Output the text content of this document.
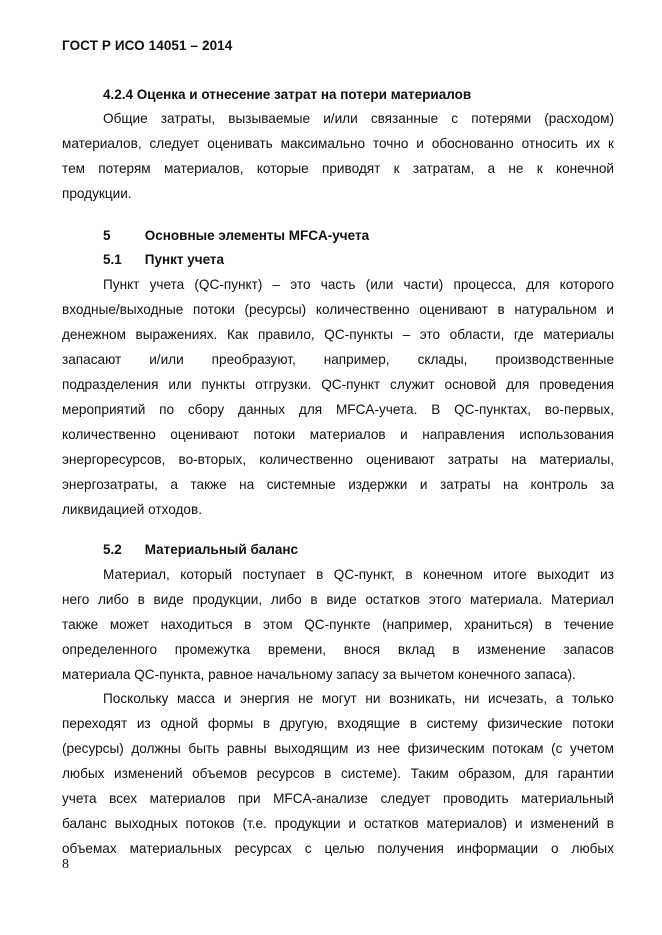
ГОСТ Р ИСО 14051 – 2014
4.2.4 Оценка и отнесение затрат на потери материалов
Общие затраты, вызываемые и/или связанные с потерями (расходом)
материалов, следует оценивать максимально точно и обоснованно относить их к
тем потерям материалов, которые приводят к затратам, а не к конечной
продукции.
5	Основные элементы MFCA-учета
5.1 Пункт учета
Пункт учета (QC-пункт) – это часть (или части) процесса, для которого
входные/выходные потоки (ресурсы) количественно оценивают в натуральном и
денежном выражениях. Как правило, QC-пункты – это области, где материалы
запасают и/или преобразуют, например, склады, производственные
подразделения или пункты отгрузки. QC-пункт служит основой для проведения
мероприятий по сбору данных для MFCA-учета. В QC-пунктах, во-первых,
количественно оценивают потоки материалов и направления использования
энергоресурсов, во-вторых, количественно оценивают затраты на материалы,
энергозатраты, а также на системные издержки и затраты на контроль за
ликвидацией отходов.
5.2 Материальный баланс
Материал, который поступает в QC-пункт, в конечном итоге выходит из
него либо в виде продукции, либо в виде остатков этого материала. Материал
также может находиться в этом QC-пункте (например, храниться) в течение
определенного промежутка времени, внося вклад в изменение запасов
материала QC-пункта, равное начальному запасу за вычетом конечного запаса).
Поскольку масса и энергия не могут ни возникать, ни исчезать, а только
переходят из одной формы в другую, входящие в систему физические потоки
(ресурсы) должны быть равны выходящим из нее физическим потокам (с учетом
любых изменений объемов ресурсов в системе). Таким образом, для гарантии
учета всех материалов при MFCA-анализе следует проводить материальный
баланс выходных потоков (т.е. продукции и остатков материалов) и изменений в
объемах материальных ресурсах с целью получения информации о любых
8
